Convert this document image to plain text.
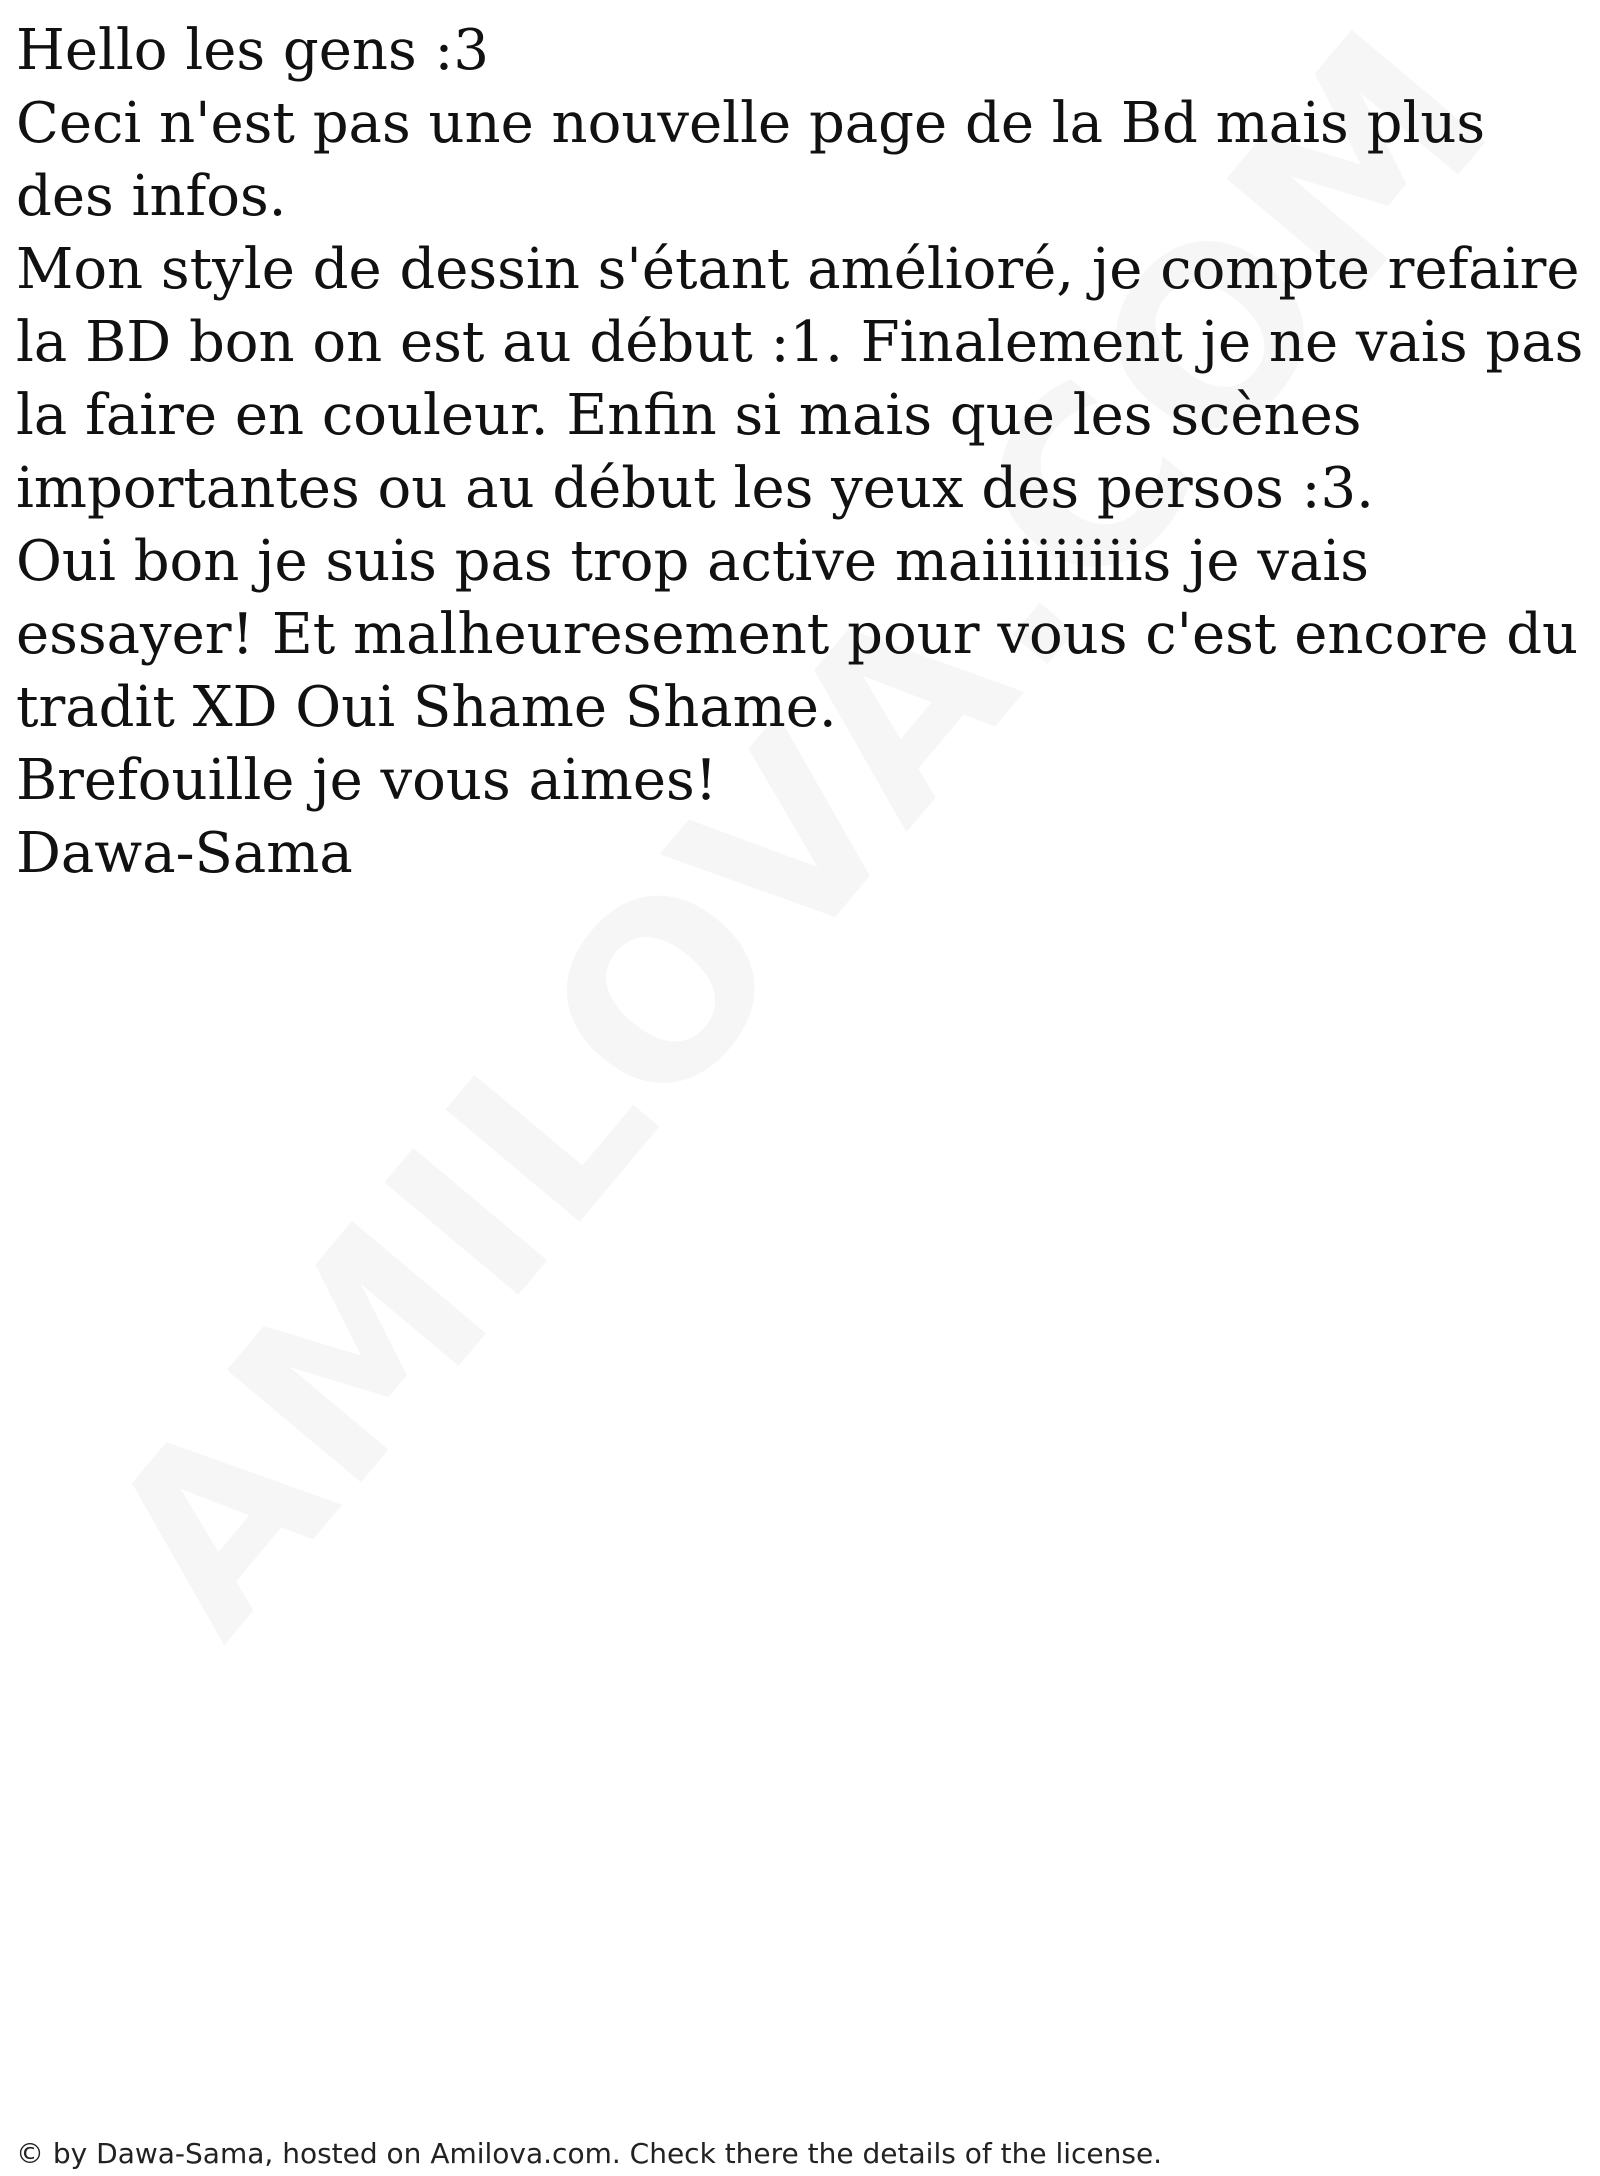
Hello les gens :3

Ceci n'est pas une nouvelle page de la Bd mais plus des infos.

Mon style de dessin s'étant amélioré, je compte refaire la BD bon on est au début :1. Finalement je ne vais pas la faire en couleur. Enfin si mais que les scènes importantes ou au début les yeux des persos :3.

Oui bon je suis pas trop active maiiiiiiiiis je vais essayer! Et malheuresement pour vous c'est encore du tradit XD Oui Shame Shame.

Brefouille je vous aimes!

Dawa-Sama

© by Dawa-Sama, hosted on Amilova.com. Check there the details of the license.
